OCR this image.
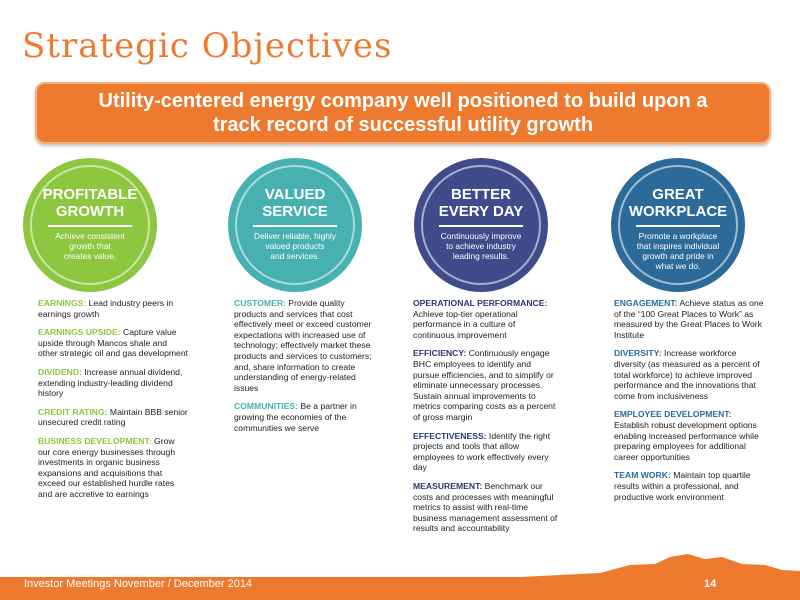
Strategic Objectives
Utility-centered energy company well positioned to build upon a track record of successful utility growth
PROFITABLE
GROWTH
Achieve consistent
growth that
creates value.
VALUED
SERVICE
Deliver reliable, highly
valued products
and services.
BETTER
EVERY DAY
Continuously improve
to achieve industry
leading results.
GREAT
WORKPLACE
Promote a workplace
that inspires individual
growth and pride in
what we do.
EARNINGS: Lead industry peers in earnings growth
EARNINGS UPSIDE: Capture value upside through Mancos shale and other strategic oil and gas development
DIVIDEND: Increase annual dividend, extending industry-leading dividend history
CREDIT RATING: Maintain BBB senior unsecured credit rating
BUSINESS DEVELOPMENT: Grow our core energy businesses through investments in organic business expansions and acquisitions that exceed our established hurdle rates and are accretive to earnings
CUSTOMER: Provide quality products and services that cost effectively meet or exceed customer expectations with increased use of technology; effectively market these products and services to customers; and, share information to create understanding of energy-related issues
COMMUNITIES: Be a partner in growing the economies of the communities we serve
OPERATIONAL PERFORMANCE: Achieve top-tier operational performance in a culture of continuous improvement
EFFICIENCY: Continuously engage BHC employees to identify and pursue efficiencies, and to simplify or eliminate unnecessary processes. Sustain annual improvements to metrics comparing costs as a percent of gross margin
EFFECTIVENESS: Identify the right projects and tools that allow employees to work effectively every day
MEASUREMENT: Benchmark our costs and processes with meaningful metrics to assist with real-time business management assessment of results and accountability
ENGAGEMENT: Achieve status as one of the “100 Great Places to Work” as measured by the Great Places to Work Institute
DIVERSITY: Increase workforce diversity (as measured as a percent of total workforce) to achieve improved performance and the innovations that come from inclusiveness
EMPLOYEE DEVELOPMENT: Establish robust development options enabling increased performance while preparing employees for additional career opportunities
TEAM WORK: Maintain top quartile results within a professional, and productive work environment
Investor Meetings November / December 2014	14
